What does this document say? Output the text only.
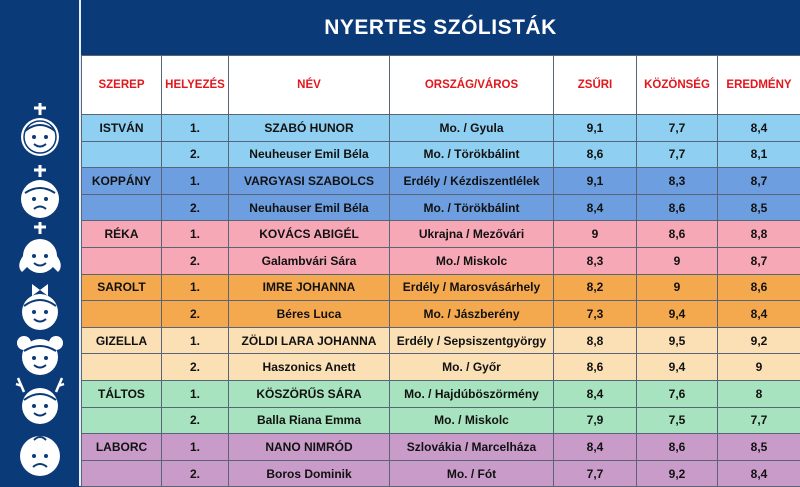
NYERTES SZÓLISTÁK
SZEREP	HELYEZÉS	NÉV	ORSZÁG/VÁROS	ZSŰRI	KÖZÖNSÉG	EREDMÉNY
ISTVÁN	1.	SZABÓ HUNOR	Mo. / Gyula	9,1	7,7	8,4
	2.	Neuheuser Emil Béla	Mo. / Törökbálint	8,6	7,7	8,1
KOPPÁNY	1.	VARGYASI SZABOLCS	Erdély / Kézdiszentlélek	9,1	8,3	8,7
	2.	Neuhauser Emil Béla	Mo. / Törökbálint	8,4	8,6	8,5
RÉKA	1.	KOVÁCS ABIGÉL	Ukrajna / Mezővári	9	8,6	8,8
	2.	Galambvári Sára	Mo./ Miskolc	8,3	9	8,7
SAROLT	1.	IMRE JOHANNA	Erdély / Marosvásárhely	8,2	9	8,6
	2.	Béres Luca	Mo. / Jászberény	7,3	9,4	8,4
GIZELLA	1.	ZÖLDI LARA JOHANNA	Erdély / Sepsiszentgyörgy	8,8	9,5	9,2
	2.	Haszonics Anett	Mo. / Győr	8,6	9,4	9
TÁLTOS	1.	KÖSZÖRŰS SÁRA	Mo. / Hajdúböszörmény	8,4	7,6	8
	2.	Balla Riana Emma	Mo. / Miskolc	7,9	7,5	7,7
LABORC	1.	NANO NIMRÓD	Szlovákia / Marcelháza	8,4	8,6	8,5
	2.	Boros Dominik	Mo. / Fót	7,7	9,2	8,4
